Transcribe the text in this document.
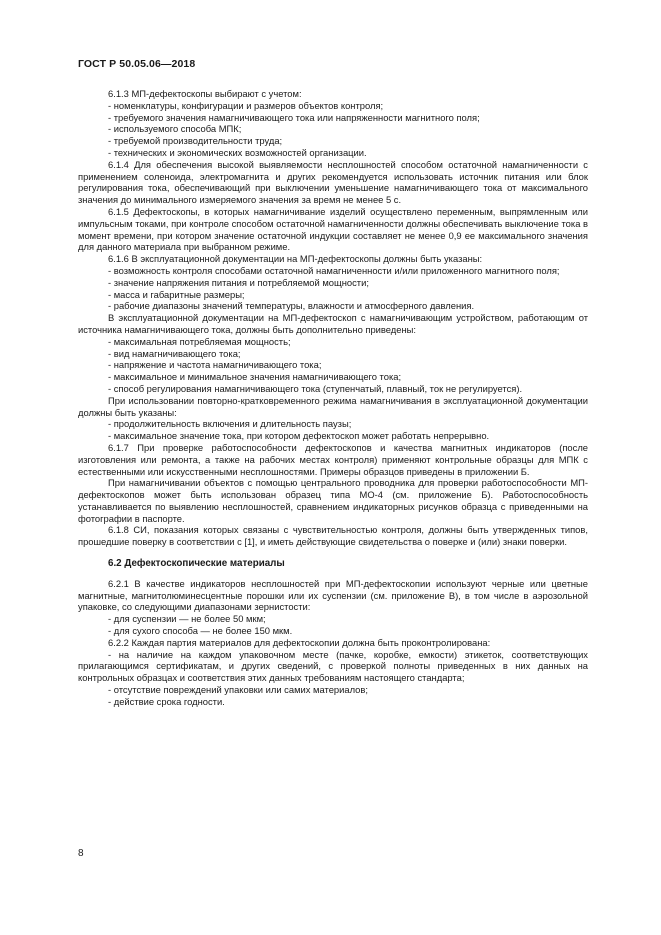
ГОСТ Р 50.05.06—2018
6.1.3 МП-дефектоскопы выбирают с учетом:
- номенклатуры, конфигурации и размеров объектов контроля;
- требуемого значения намагничивающего тока или напряженности магнитного поля;
- используемого способа МПК;
- требуемой производительности труда;
- технических и экономических возможностей организации.
6.1.4 Для обеспечения высокой выявляемости несплошностей способом остаточной намагниченности с применением соленоида, электромагнита и других рекомендуется использовать источник питания или блок регулирования тока, обеспечивающий при выключении уменьшение намагничивающего тока от максимального значения до минимального измеряемого значения за время не менее 5 с.
6.1.5 Дефектоскопы, в которых намагничивание изделий осуществлено переменным, выпрямленным или импульсным токами, при контроле способом остаточной намагниченности должны обеспечивать выключение тока в момент времени, при котором значение остаточной индукции составляет не менее 0,9 ее максимального значения для данного материала при выбранном режиме.
6.1.6 В эксплуатационной документации на МП-дефектоскопы должны быть указаны:
- возможность контроля способами остаточной намагниченности и/или приложенного магнитного поля;
- значение напряжения питания и потребляемой мощности;
- масса и габаритные размеры;
- рабочие диапазоны значений температуры, влажности и атмосферного давления.
В эксплуатационной документации на МП-дефектоскоп с намагничивающим устройством, работающим от источника намагничивающего тока, должны быть дополнительно приведены:
- максимальная потребляемая мощность;
- вид намагничивающего тока;
- напряжение и частота намагничивающего тока;
- максимальное и минимальное значения намагничивающего тока;
- способ регулирования намагничивающего тока (ступенчатый, плавный, ток не регулируется).
При использовании повторно-кратковременного режима намагничивания в эксплуатационной документации должны быть указаны:
- продолжительность включения и длительность паузы;
- максимальное значение тока, при котором дефектоскоп может работать непрерывно.
6.1.7 При проверке работоспособности дефектоскопов и качества магнитных индикаторов (после изготовления или ремонта, а также на рабочих местах контроля) применяют контрольные образцы для МПК с естественными или искусственными несплошностями. Примеры образцов приведены в приложении Б.
При намагничивании объектов с помощью центрального проводника для проверки работоспособности МП-дефектоскопов может быть использован образец типа МО-4 (см. приложение Б). Работоспособность устанавливается по выявлению несплошностей, сравнением индикаторных рисунков образца с приведенными на фотографии в паспорте.
6.1.8 СИ, показания которых связаны с чувствительностью контроля, должны быть утвержденных типов, прошедшие поверку в соответствии с [1], и иметь действующие свидетельства о поверке и (или) знаки поверки.
6.2 Дефектоскопические материалы
6.2.1 В качестве индикаторов несплошностей при МП-дефектоскопии используют черные или цветные магнитные, магнитолюминесцентные порошки или их суспензии (см. приложение В), в том числе в аэрозольной упаковке, со следующими диапазонами зернистости:
- для суспензии — не более 50 мкм;
- для сухого способа — не более 150 мкм.
6.2.2 Каждая партия материалов для дефектоскопии должна быть проконтролирована:
- на наличие на каждом упаковочном месте (пачке, коробке, емкости) этикеток, соответствующих прилагающимся сертификатам, и других сведений, с проверкой полноты приведенных в них данных на контрольных образцах и соответствия этих данных требованиям настоящего стандарта;
- отсутствие повреждений упаковки или самих материалов;
- действие срока годности.
8
